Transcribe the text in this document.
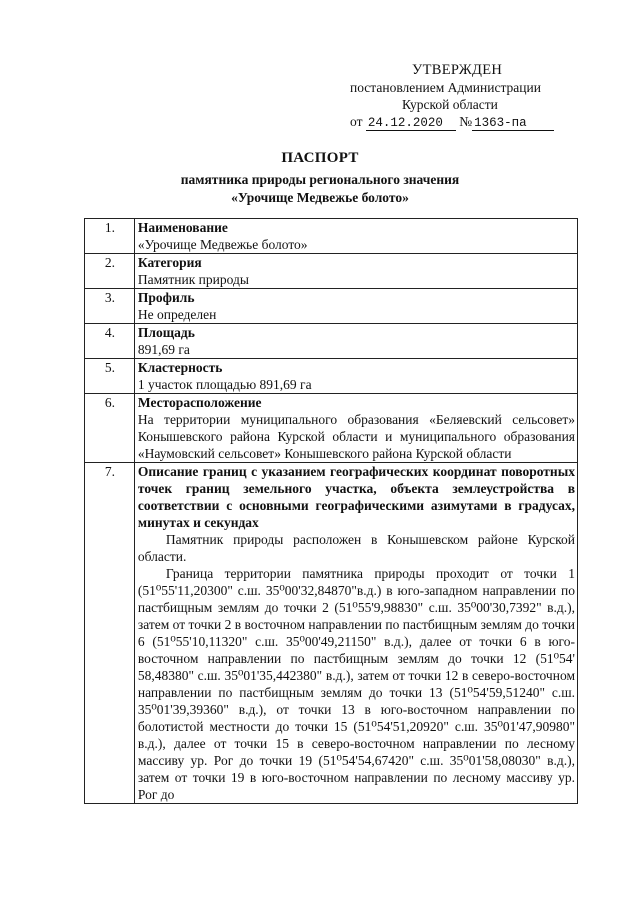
УТВЕРЖДЕН
постановлением Администрации
Курской области
от 24.12.2020 № 1363-па
ПАСПОРТ
памятника природы регионального значения
«Урочище Медвежье болото»
1.	Наименование
«Урочище Медвежье болото»

2.	Категория
Памятник природы

3.	Профиль
Не определен

4.	Площадь
891,69 га

5.	Кластерность
1 участок площадью 891,69 га

6.	Месторасположение
На территории муниципального образования «Беляевский сельсовет» Конышевского района Курской области и муниципального образования «Наумовский сельсовет» Конышевского района Курской области

7.	Описание границ с указанием географических координат поворотных точек границ земельного участка, объекта землеустройства в соответствии с основными географическими азимутами в градусах, минутах и секундах
Памятник природы расположен в Конышевском районе Курской области.
Граница территории памятника природы проходит от точки 1 (51⁰55'11,20300" с.ш. 35⁰00'32,84870"в.д.) в юго-западном направлении по пастбищным землям до точки 2 (51⁰55'9,98830" с.ш. 35⁰00'30,7392" в.д.), затем от точки 2 в восточном направлении по пастбищным землям до точки 6 (51⁰55'10,11320" с.ш. 35⁰00'49,21150" в.д.), далее от точки 6 в юго-восточном направлении по пастбищным землям до точки 12 (51⁰54' 58,48380" с.ш. 35⁰01'35,442380" в.д.), затем от точки 12 в северо-восточном направлении по пастбищным землям до точки 13 (51⁰54'59,51240" с.ш. 35⁰01'39,39360" в.д.), от точки 13 в юго-восточном направлении по болотистой местности до точки 15 (51⁰54'51,20920" с.ш. 35⁰01'47,90980" в.д.), далее от точки 15 в северо-восточном направлении по лесному массиву ур. Рог до точки 19 (51⁰54'54,67420" с.ш. 35⁰01'58,08030" в.д.), затем от точки 19 в юго-восточном направлении по лесному массиву ур. Рог до
